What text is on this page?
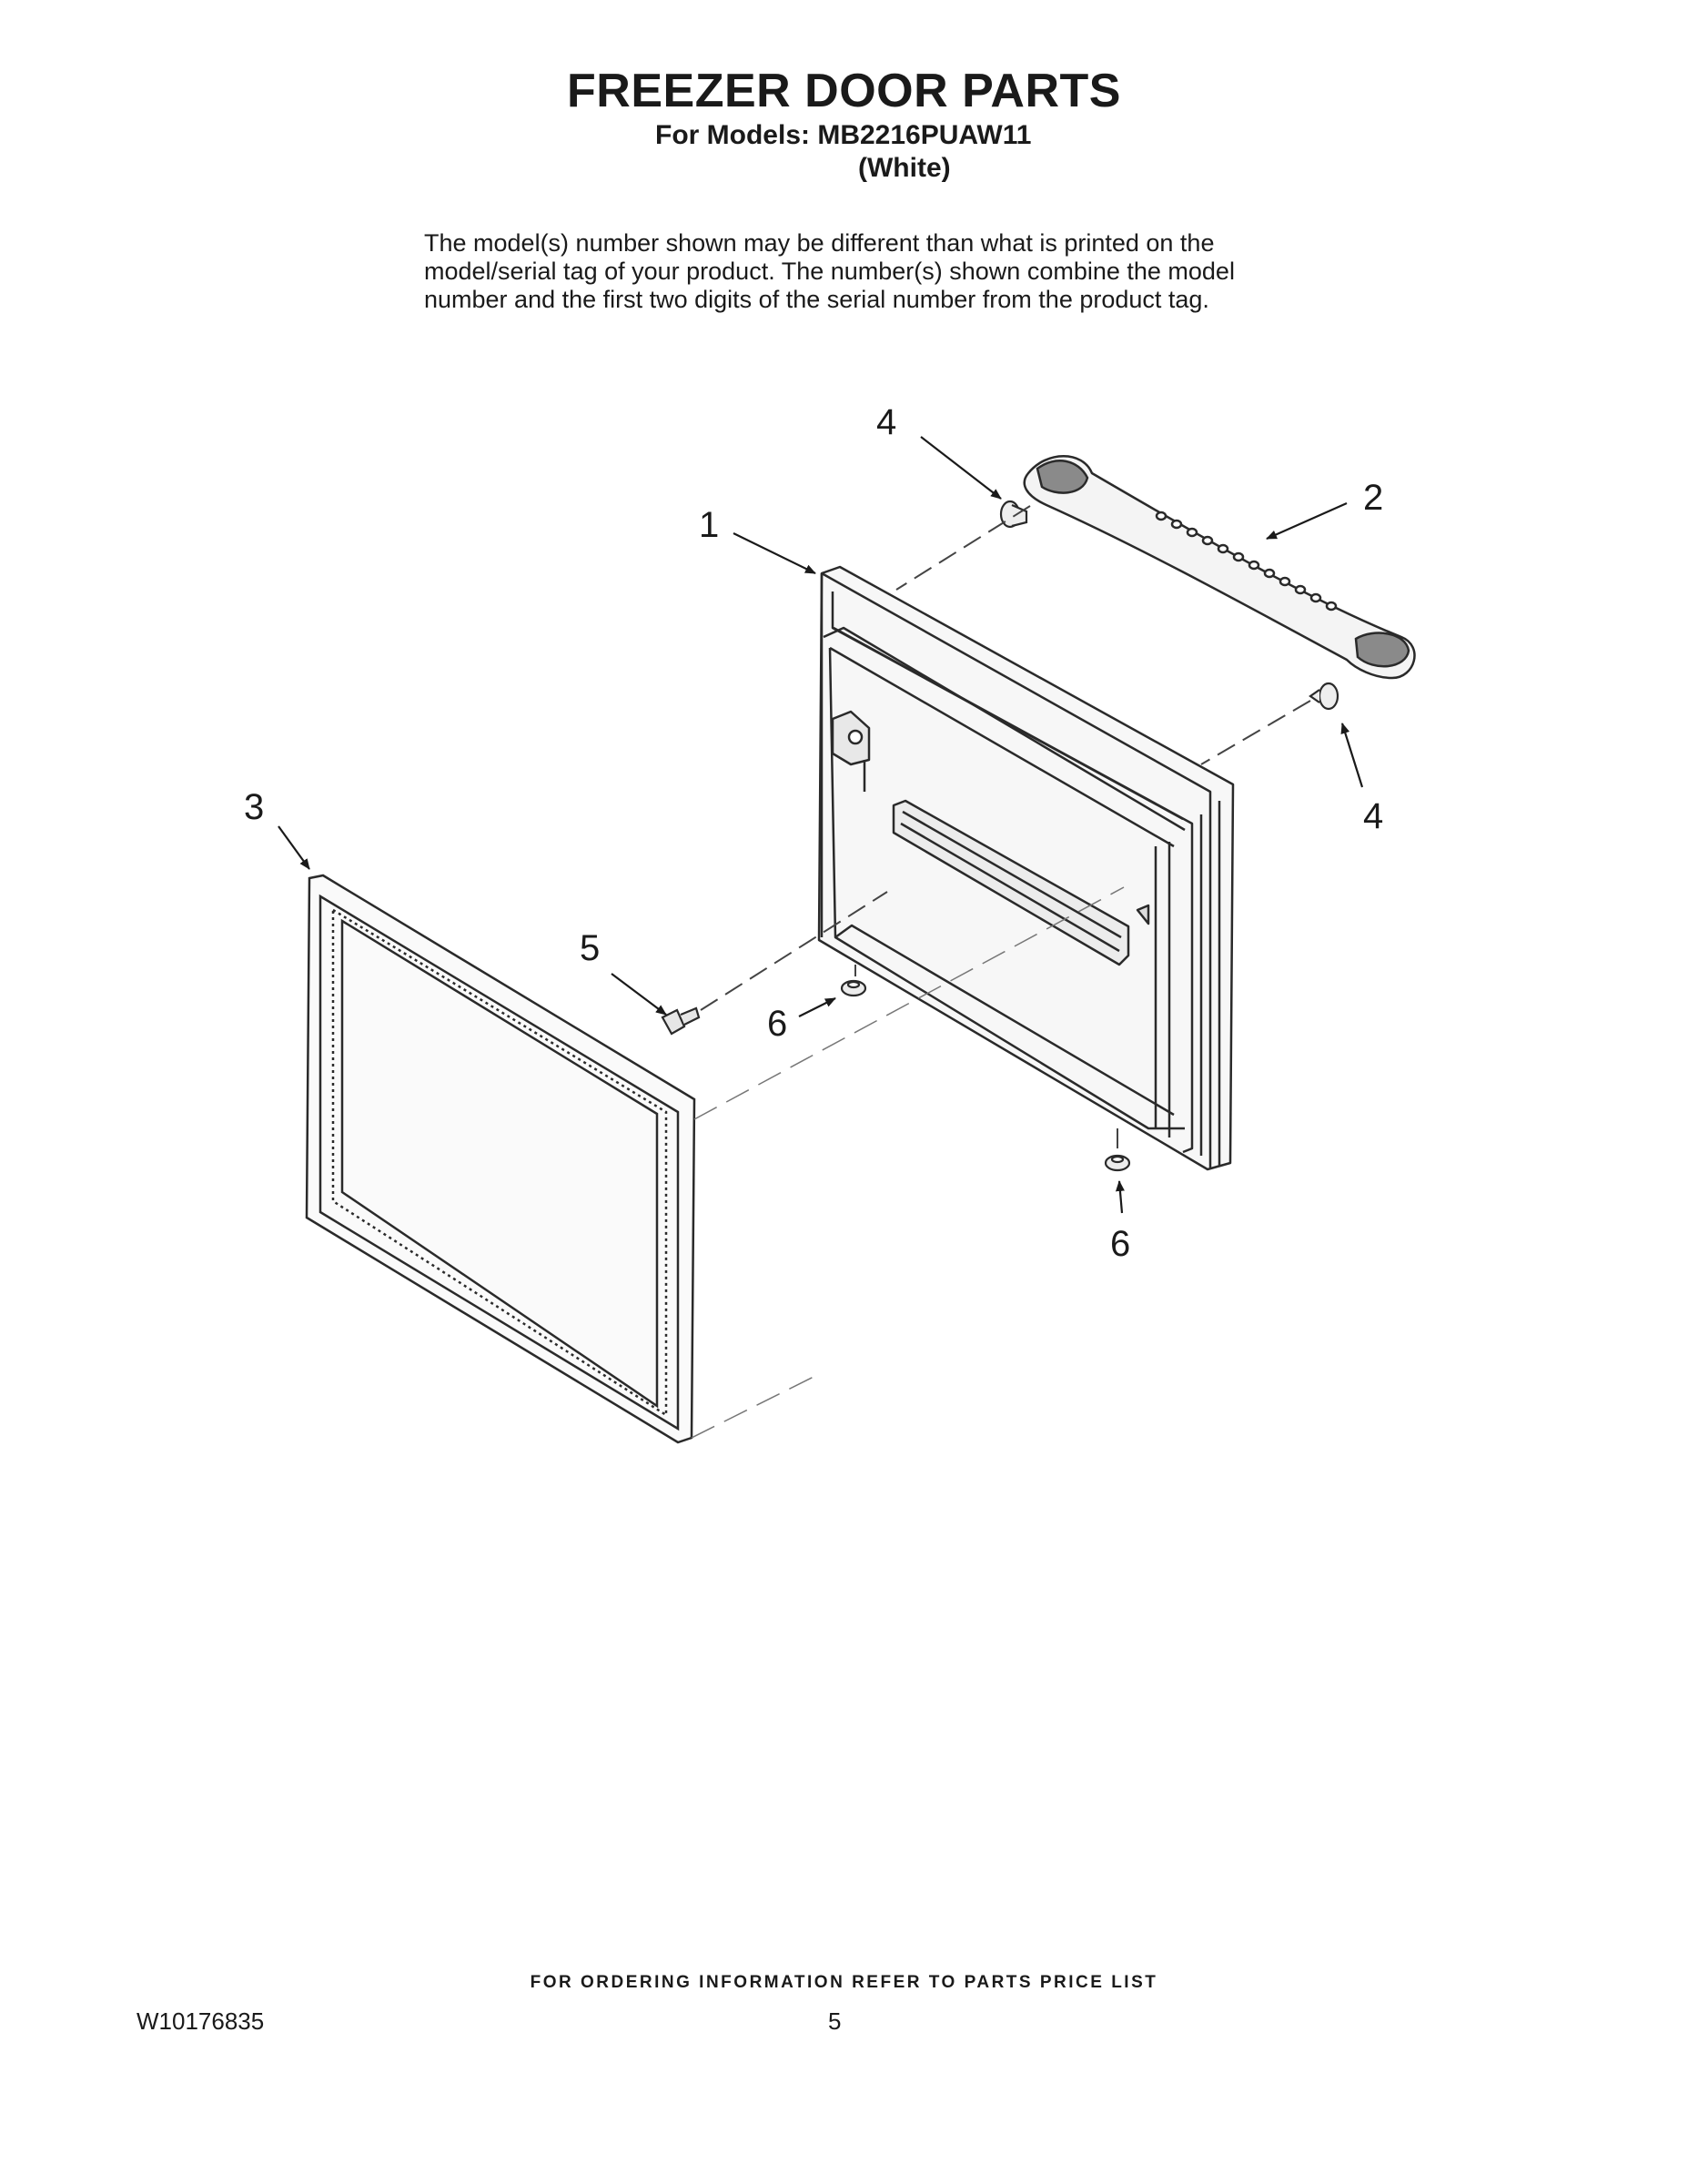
FREEZER DOOR PARTS
For Models: MB2216PUAW11
(White)
The model(s) number shown may be different than what is printed on the
model/serial tag of your product. The number(s) shown combine the model
number and the first two digits of the serial number from the product tag.
1
2
3
4
4
5
6
6
FOR ORDERING INFORMATION REFER TO PARTS PRICE LIST
W10176835	5
